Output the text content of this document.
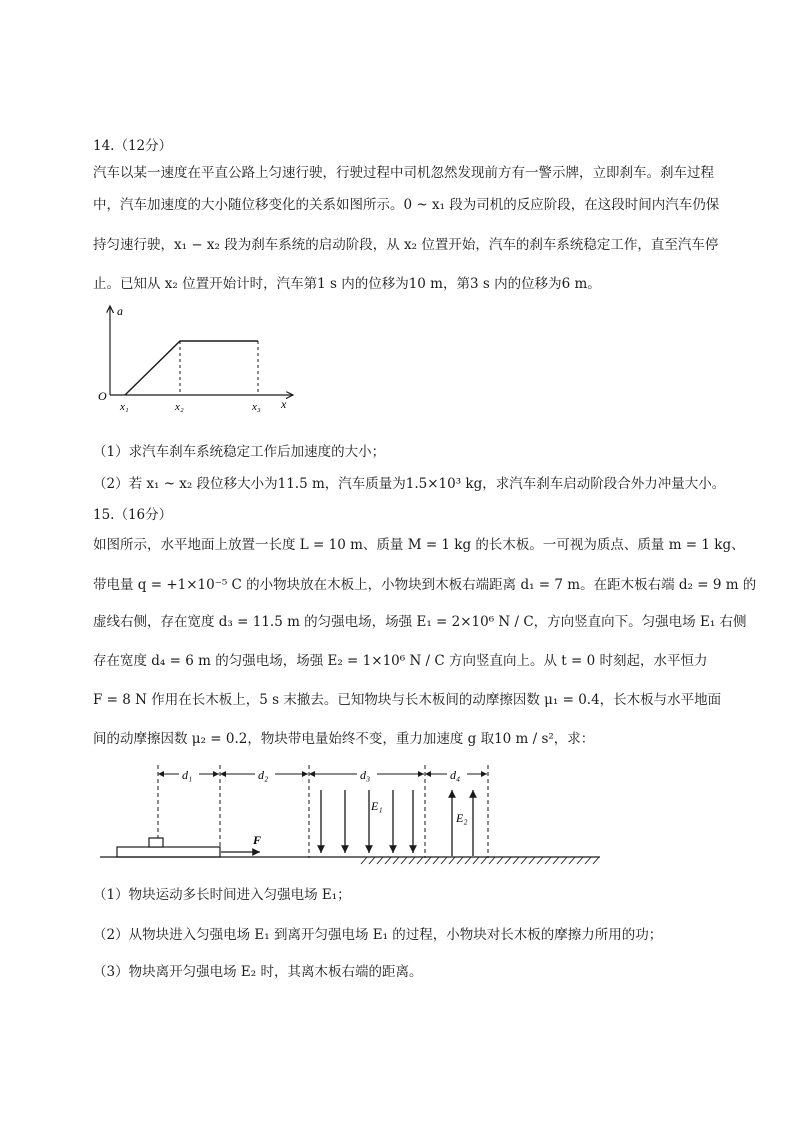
14.（12分）
汽车以某一速度在平直公路上匀速行驶，行驶过程中司机忽然发现前方有一警示牌，立即刹车。刹车过程
中，汽车加速度的大小随位移变化的关系如图所示。0 ~ x₁ 段为司机的反应阶段，在这段时间内汽车仍保
持匀速行驶，x₁ − x₂ 段为刹车系统的启动阶段，从 x₂ 位置开始，汽车的刹车系统稳定工作，直至汽车停
止。已知从 x₂ 位置开始计时，汽车第1 s 内的位移为10 m，第3 s 内的位移为6 m。
a
x
O
x₁	x₂	x₃
（1）求汽车刹车系统稳定工作后加速度的大小；
（2）若 x₁ ~ x₂ 段位移大小为11.5 m，汽车质量为1.5×10³ kg，求汽车刹车启动阶段合外力冲量大小。
15.（16分）
如图所示，水平地面上放置一长度 L = 10 m、质量 M = 1 kg 的长木板。一可视为质点、质量 m = 1 kg、
带电量 q = +1×10⁻⁵ C 的小物块放在木板上，小物块到木板右端距离 d₁ = 7 m。在距木板右端 d₂ = 9 m 的
虚线右侧，存在宽度 d₃ = 11.5 m 的匀强电场，场强 E₁ = 2×10⁶ N / C，方向竖直向下。匀强电场 E₁ 右侧
存在宽度 d₄ = 6 m 的匀强电场，场强 E₂ = 1×10⁶ N / C 方向竖直向上。从 t = 0 时刻起，水平恒力
F = 8 N 作用在长木板上，5 s 末撤去。已知物块与长木板间的动摩擦因数 μ₁ = 0.4，长木板与水平地面
间的动摩擦因数 μ₂ = 0.2，物块带电量始终不变，重力加速度 g 取10 m / s²，求：
d₁	d₂	d₃	d₄
E₁
E₂
F
（1）物块运动多长时间进入匀强电场 E₁；
（2）从物块进入匀强电场 E₁ 到离开匀强电场 E₁ 的过程，小物块对长木板的摩擦力所用的功；
（3）物块离开匀强电场 E₂ 时，其离木板右端的距离。
